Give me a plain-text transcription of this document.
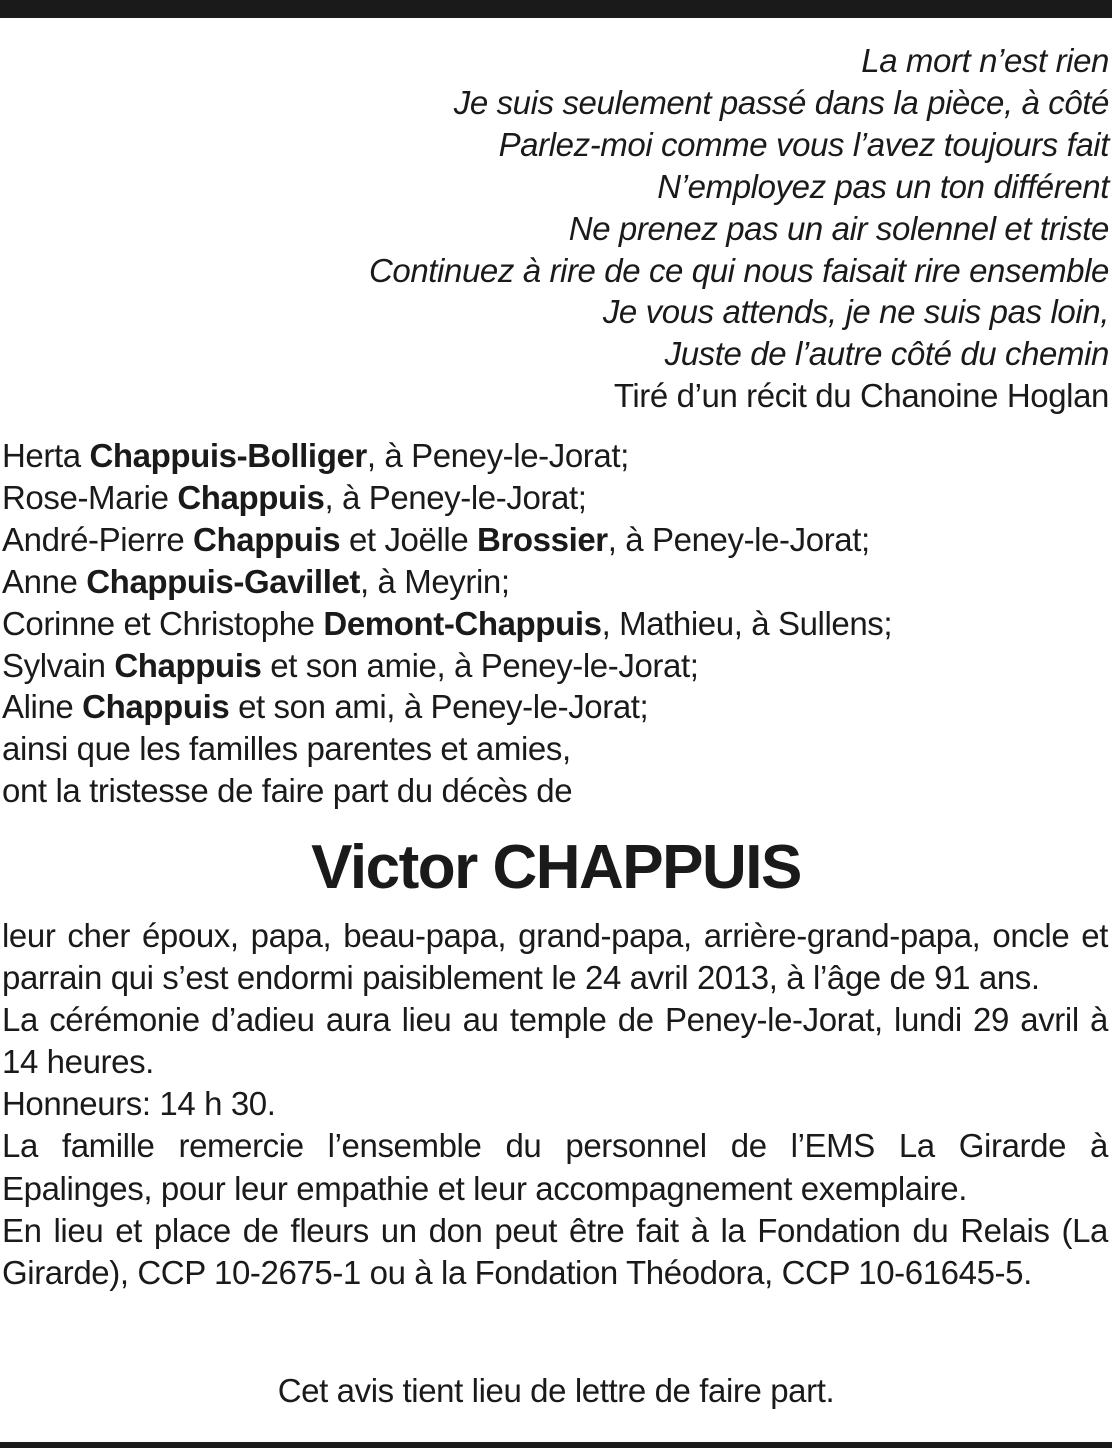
La mort n’est rien
Je suis seulement passé dans la pièce, à côté
Parlez-moi comme vous l’avez toujours fait
N’employez pas un ton différent
Ne prenez pas un air solennel et triste
Continuez à rire de ce qui nous faisait rire ensemble
Je vous attends, je ne suis pas loin,
Juste de l’autre côté du chemin
Tiré d’un récit du Chanoine Hoglan
Herta Chappuis-Bolliger, à Peney-le-Jorat;
Rose-Marie Chappuis, à Peney-le-Jorat;
André-Pierre Chappuis et Joëlle Brossier, à Peney-le-Jorat;
Anne Chappuis-Gavillet, à Meyrin;
Corinne et Christophe Demont-Chappuis, Mathieu, à Sullens;
Sylvain Chappuis et son amie, à Peney-le-Jorat;
Aline Chappuis et son ami, à Peney-le-Jorat;
ainsi que les familles parentes et amies,
ont la tristesse de faire part du décès de
Victor CHAPPUIS

leur cher époux, papa, beau-papa, grand-papa, arrière-grand-papa, oncle et parrain qui s’est endormi paisiblement le 24 avril 2013, à l’âge de 91 ans.

La cérémonie d’adieu aura lieu au temple de Peney-le-Jorat, lundi 29 avril à 14 heures.

Honneurs: 14 h 30.

La famille remercie l’ensemble du personnel de l’EMS La Girarde à Epalinges, pour leur empathie et leur accompagnement exemplaire.

En lieu et place de fleurs un don peut être fait à la Fondation du Relais (La Girarde), CCP 10-2675-1 ou à la Fondation Théodora, CCP 10-61645-5.

Cet avis tient lieu de lettre de faire part.
